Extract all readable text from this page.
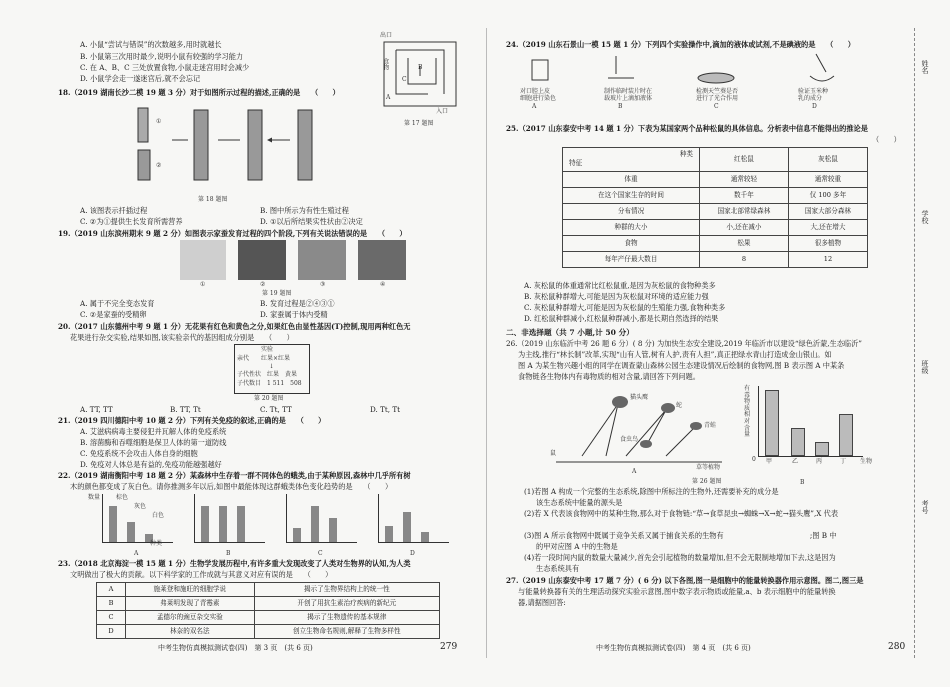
A. 小鼠“尝试与错误”的次数越多,用时就越长
B. 小鼠第三次用时最少,说明小鼠有较强的学习能力
C. 在 A、B、C 三处放置食物,小鼠走迷宫用时会减少
D. 小鼠学会走一遂迷宫后,就不会忘记
出口
食物
A
B
C
入口
第 17 题图
18.（2019 湖南长沙二模 19 题 3 分）对于如图所示过程的描述,正确的是　　（　　）
①
②
第 18 题图
A. 该图表示扦插过程	B. 图中所示为有性生殖过程
C. ②为①提供生长发育所需营养	D. ①以后所结果实性状由②决定
19.（2019 山东滨州期末 9 题 2 分）如图表示家蚕发育过程的四个阶段,下列有关说法错误的是　　（　　）
①	②	③	④
第 19 题图
A. 属于不完全变态发育	B. 发育过程是②④③①
C. ②是家蚕的受精卵	D. 家蚕属于体内受精
20.（2017 山东德州中考 9 题 1 分）无花果有红色和黄色之分,如果红色由显性基因(T)控制,现用两种红色无
花果进行杂交实验,结果如图,该实验亲代的基因组成分别是　　（　　）
实验
亲代　　红果×红果
↓
子代性状　红果　黄果
子代数目　1 511　508
第 20 题图
A. TT, TT	B. TT, Tt	C. Tt, TT	D. Tt, Tt
21.（2019 四川德阳中考 10 题 2 分）下列有关免疫的叙述,正确的是　　（　　）
A. 艾滋病病毒主要侵犯并瓦解人体的免疫系统
B. 溶菌酶和吞噬细胞是保卫人体的第一道防线
C. 免疫系统不会攻击人体自身的细胞
D. 免疫对人体总是有益的,免疫功能越强越好
22.（2019 湖南衡阳中考 18 题 2 分）某森林中生存着一群不同体色的蛾类,由于某种原因,森林中几乎所有树
木的颜色都变成了灰白色。请你推测多年以后,如图中最能体现这群蛾类体色变化趋势的是　　（　　）
数量	棕色
灰色
白色
种类
A	B	C	D
23.（2018 北京海淀一模 15 题 1 分）生物学发展历程中,有许多重大发现改变了人类对生物界的认知,为人类
文明做出了极大的贡献。以下科学家的工作成就与其意义对应有误的是　　（　　）
A	施莱登和施旺的细胞学说	揭示了生物界结构上的统一性
B	弗莱明发现了青霉素	开创了用抗生素治疗疾病的新纪元
C	孟德尔的豌豆杂交实验	揭示了生物遗传的基本规律
D	林奈的双名法	创立生物命名规则,解释了生物多样性
中考生物仿真模拟测试卷(四)　第 3 页　(共 6 页)	279
24.（2019 山东石景山一模 15 题 1 分）下列四个实验操作中,滴加的液体或试剂,不是碘液的是　　（　　）
对口腔上皮
细胞进行染色
制作临时装片时在
载玻片上滴加液体
检测天竺葵是否
进行了光合作用
验证玉米种
乳的成分
A	B	C	D
25.（2017 山东泰安中考 14 题 1 分）下表为某国家两个品种松鼠的具体信息。分析表中信息不能得出的推论是
（　　）
种类
特征	红松鼠	灰松鼠
体重	通常较轻	通常较重
在这个国家生存的时间	数千年	仅 100 多年
分布情况	国家北部常绿森林	国家大部分森林
种群的大小	小,还在减小	大,还在增大
食物	松果	很多植物
每年产仔最大数目	8	12
A. 灰松鼠的体重通常比红松鼠重,是因为灰松鼠的食物种类多
B. 灰松鼠种群增大,可能是因为灰松鼠对环境的适应能力强
C. 灰松鼠种群增大,可能是因为灰松鼠的生殖能力强,食物种类多
D. 红松鼠种群减小,红松鼠种群减小,都是长期自然选择的结果
二、非选择题（共 7 小题,计 50 分）
26.（2019 山东临沂中考 26 题 6 分）( 8 分) 为加快生态安全建设,2019 年临沂市以建设“绿色沂蒙,生态临沂”
为主线,推行“林长制”改革,实现“山有人管,树有人护,责有人担”,真正把绿水青山打造成金山银山。如
图 A 为某生物兴趣小组的同学在调查蒙山森林公园生态建设情况后绘制的食物网,图 B 表示图 A 中某条
食物链各生物体内有毒物质的相对含量,请回答下列问题。
猫头鹰
蛇
青蛙
食虫鸟
鼠
草等植物
A
有
毒
物
质
相
对
含
量
0 甲	乙	丙	丁 生物
B
第 26 题图
(1)若图 A 构成一个完整的生态系统,除图中所标注的生物外,还需要补充的成分是
该生态系统中能量的源头是
(2)若 X 代表该食物网中的某种生物,那么对于食物链:“草→食草昆虫→蜘蛛→X→蛇→猫头鹰”,X 代表
(3)图 A 所示食物网中既属于竞争关系又属于捕食关系的生物有　　　　　　　　　　　　;图 B 中
的甲对应图 A 中的生物是
(4)若一段时间内鼠的数量大量减少,首先会引起植物的数量增加,但不会无限制地增加下去,这是因为
生态系统具有
27.（2019 山东泰安中考 17 题 7 分）( 6 分) 以下各图,图一是细胞中的能量转换器作用示意图。图二,图三是
与能量转换器有关的生理活动探究实验示意图,图中数字表示物质或能量,a、b 表示细胞中的能量转换
器,请据图回答:
中考生物仿真模拟测试卷(四)　第 4 页　(共 6 页)	280
姓名
学校
班级
考号
